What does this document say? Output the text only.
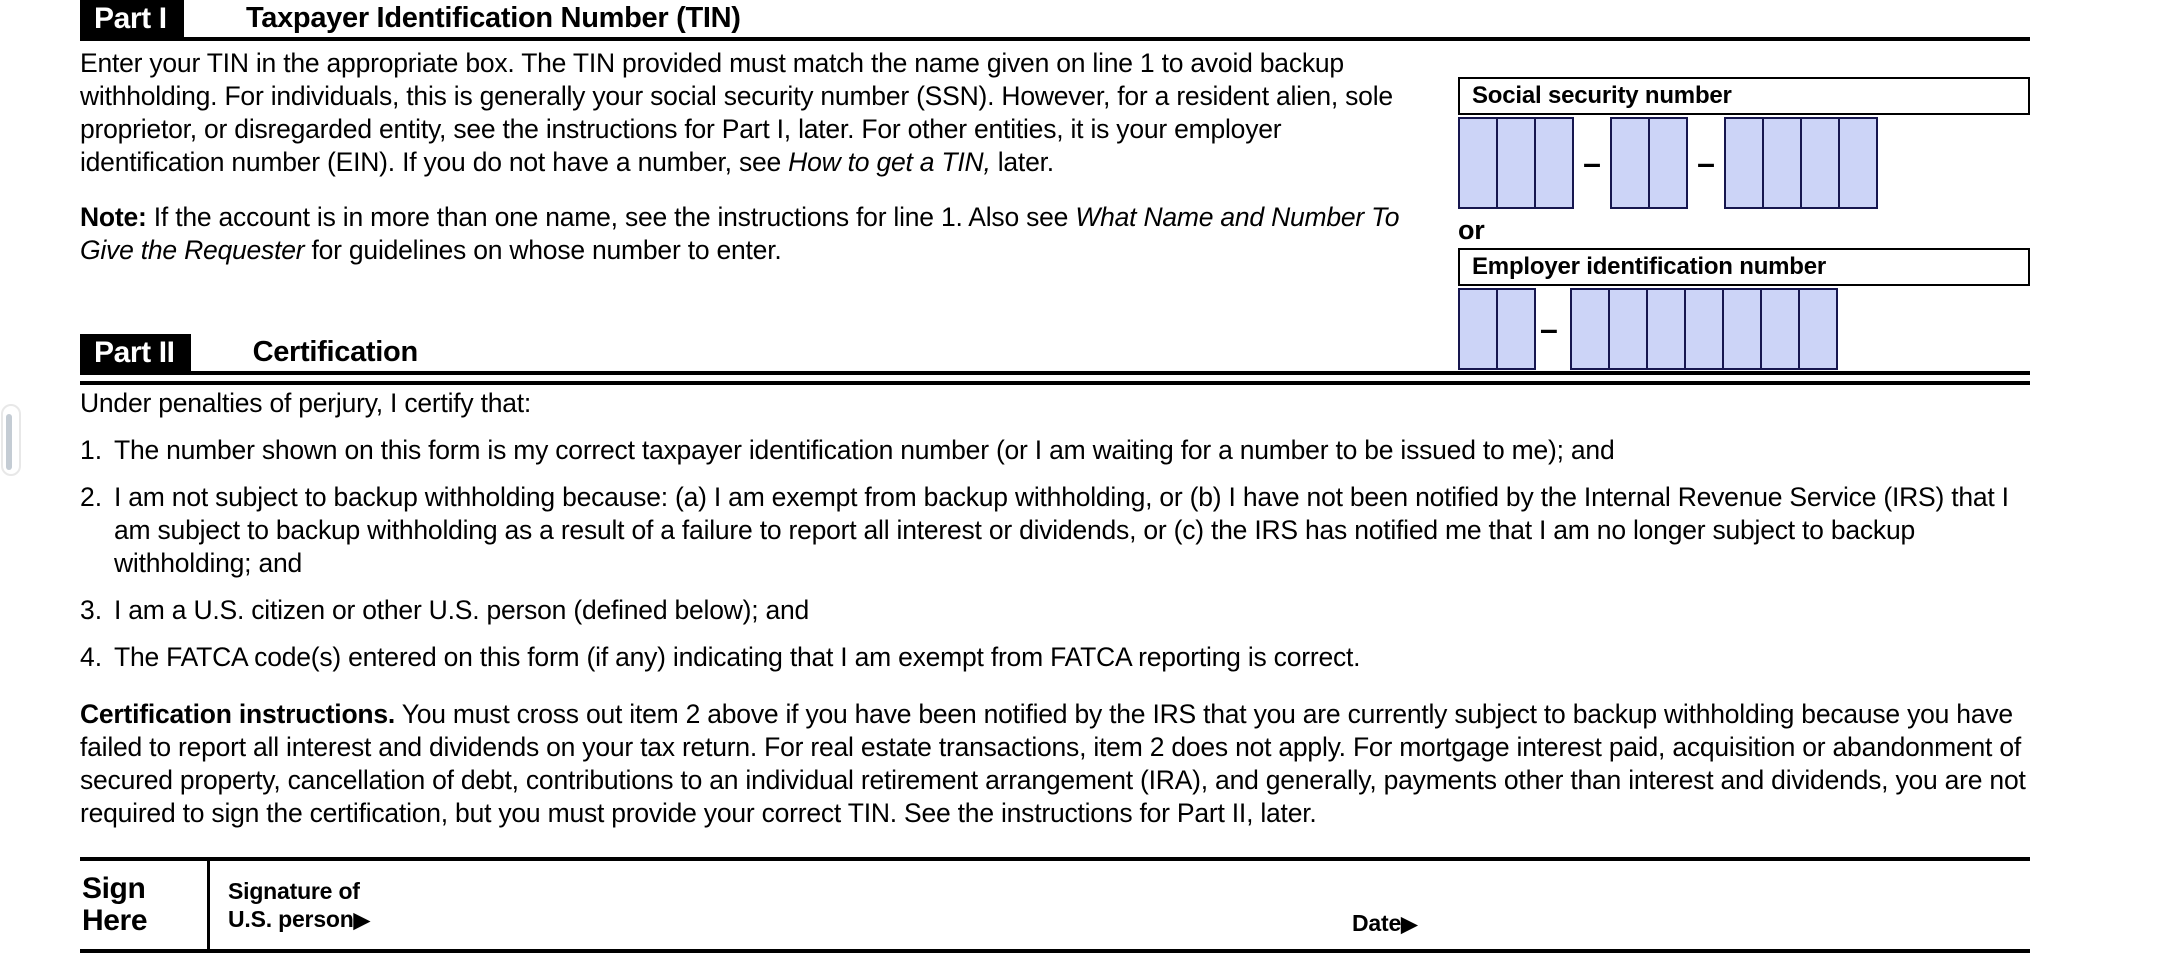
Part I	Taxpayer Identification Number (TIN)

Enter your TIN in the appropriate box. The TIN provided must match the name given on line 1 to avoid backup withholding. For individuals, this is generally your social security number (SSN). However, for a resident alien, sole proprietor, or disregarded entity, see the instructions for Part I, later. For other entities, it is your employer identification number (EIN). If you do not have a number, see How to get a TIN, later.

Note: If the account is in more than one name, see the instructions for line 1. Also see What Name and Number To Give the Requester for guidelines on whose number to enter.

Social security number
–	–
or
Employer identification number
–
Part II	Certification

Under penalties of perjury, I certify that:

1. The number shown on this form is my correct taxpayer identification number (or I am waiting for a number to be issued to me); and
2. I am not subject to backup withholding because: (a) I am exempt from backup withholding, or (b) I have not been notified by the Internal Revenue Service (IRS) that I am subject to backup withholding as a result of a failure to report all interest or dividends, or (c) the IRS has notified me that I am no longer subject to backup withholding; and
3. I am a U.S. citizen or other U.S. person (defined below); and
4. The FATCA code(s) entered on this form (if any) indicating that I am exempt from FATCA reporting is correct.

Certification instructions. You must cross out item 2 above if you have been notified by the IRS that you are currently subject to backup withholding because you have failed to report all interest and dividends on your tax return. For real estate transactions, item 2 does not apply. For mortgage interest paid, acquisition or abandonment of secured property, cancellation of debt, contributions to an individual retirement arrangement (IRA), and generally, payments other than interest and dividends, you are not required to sign the certification, but you must provide your correct TIN. See the instructions for Part II, later.

Sign
Here
Signature of
U.S. person▶	Date▶
